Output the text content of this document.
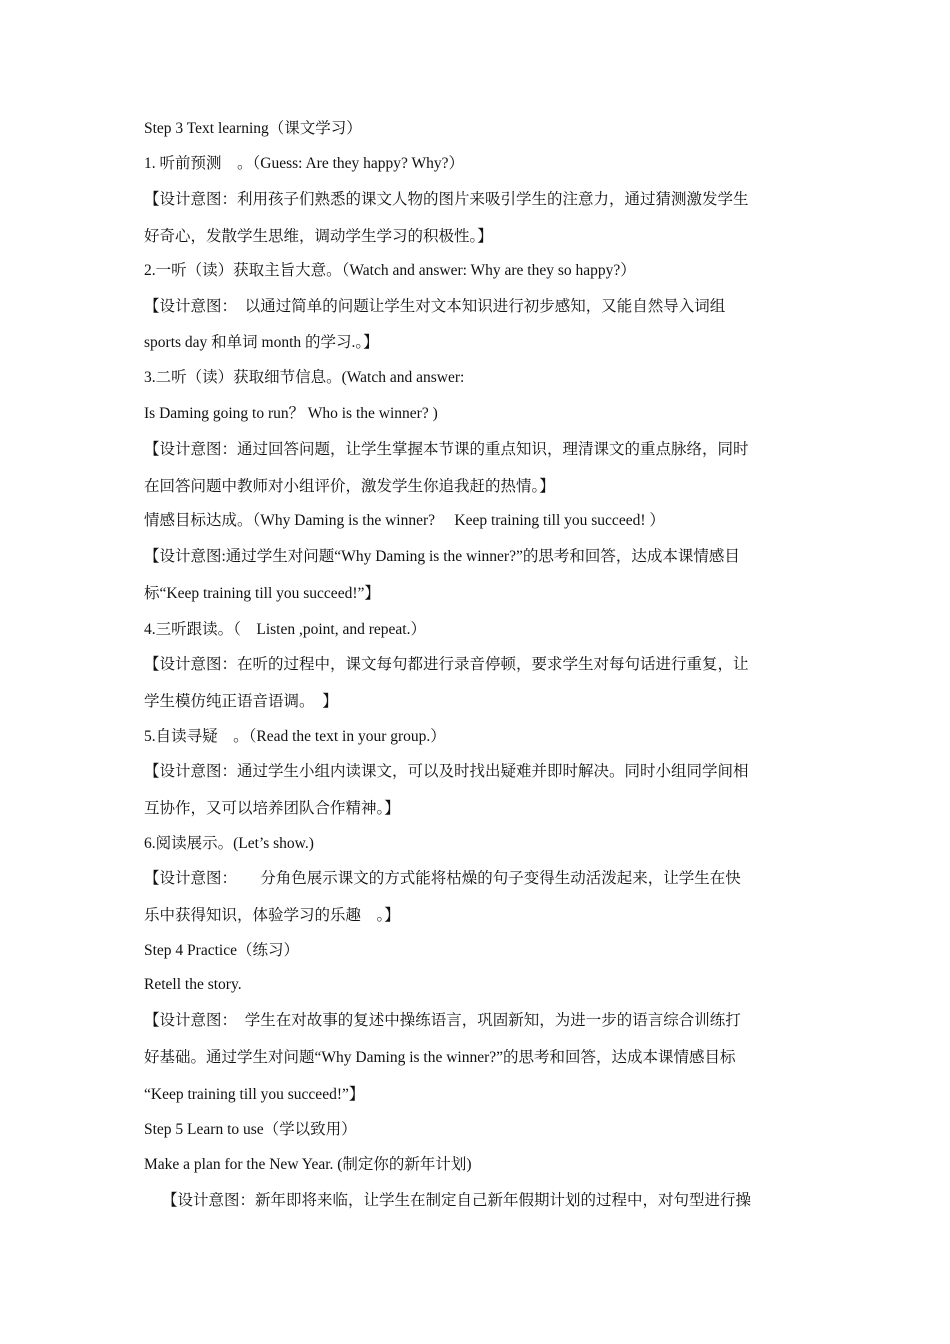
Step 3 Text learning（课文学习）
1. 听前预测　。（Guess: Are they happy? Why?）
【设计意图：利用孩子们熟悉的课文人物的图片来吸引学生的注意力，通过猜测激发学生
好奇心，发散学生思维，调动学生学习的积极性。】
2.一听（读）获取主旨大意。（Watch and answer: Why are they so happy?）
【设计意图：　以通过简单的问题让学生对文本知识进行初步感知，又能自然导入词组
sports day 和单词 month 的学习.。】
3.二听（读）获取细节信息。(Watch and answer:
Is Daming going to run？ Who is the winner? )
【设计意图：通过回答问题，让学生掌握本节课的重点知识，理清课文的重点脉络，同时
在回答问题中教师对小组评价，激发学生你追我赶的热情。】
情感目标达成。（Why Daming is the winner?　 Keep training till you succeed! ）
【设计意图:通过学生对问题“Why Daming is the winner?”的思考和回答，达成本课情感目
标“Keep training till you succeed!”】
4.三听跟读。（　Listen ,point, and repeat.）
【设计意图：在听的过程中，课文每句都进行录音停顿，要求学生对每句话进行重复，让
学生模仿纯正语音语调。　】
5.自读寻疑　。（Read the text in your group.）
【设计意图：通过学生小组内读课文，可以及时找出疑难并即时解决。同时小组同学间相
互协作，又可以培养团队合作精神。】
6.阅读展示。(Let’s show.)
【设计意图：　　分角色展示课文的方式能将枯燥的句子变得生动活泼起来，让学生在快
乐中获得知识，体验学习的乐趣　。】
Step 4 Practice（练习）
Retell the story.
【设计意图：　学生在对故事的复述中操练语言，巩固新知，为进一步的语言综合训练打
好基础。通过学生对问题“Why Daming is the winner?”的思考和回答，达成本课情感目标
“Keep training till you succeed!”】
Step 5 Learn to use（学以致用）
Make a plan for the New Year. (制定你的新年计划)
【设计意图：新年即将来临，让学生在制定自己新年假期计划的过程中，对句型进行操
